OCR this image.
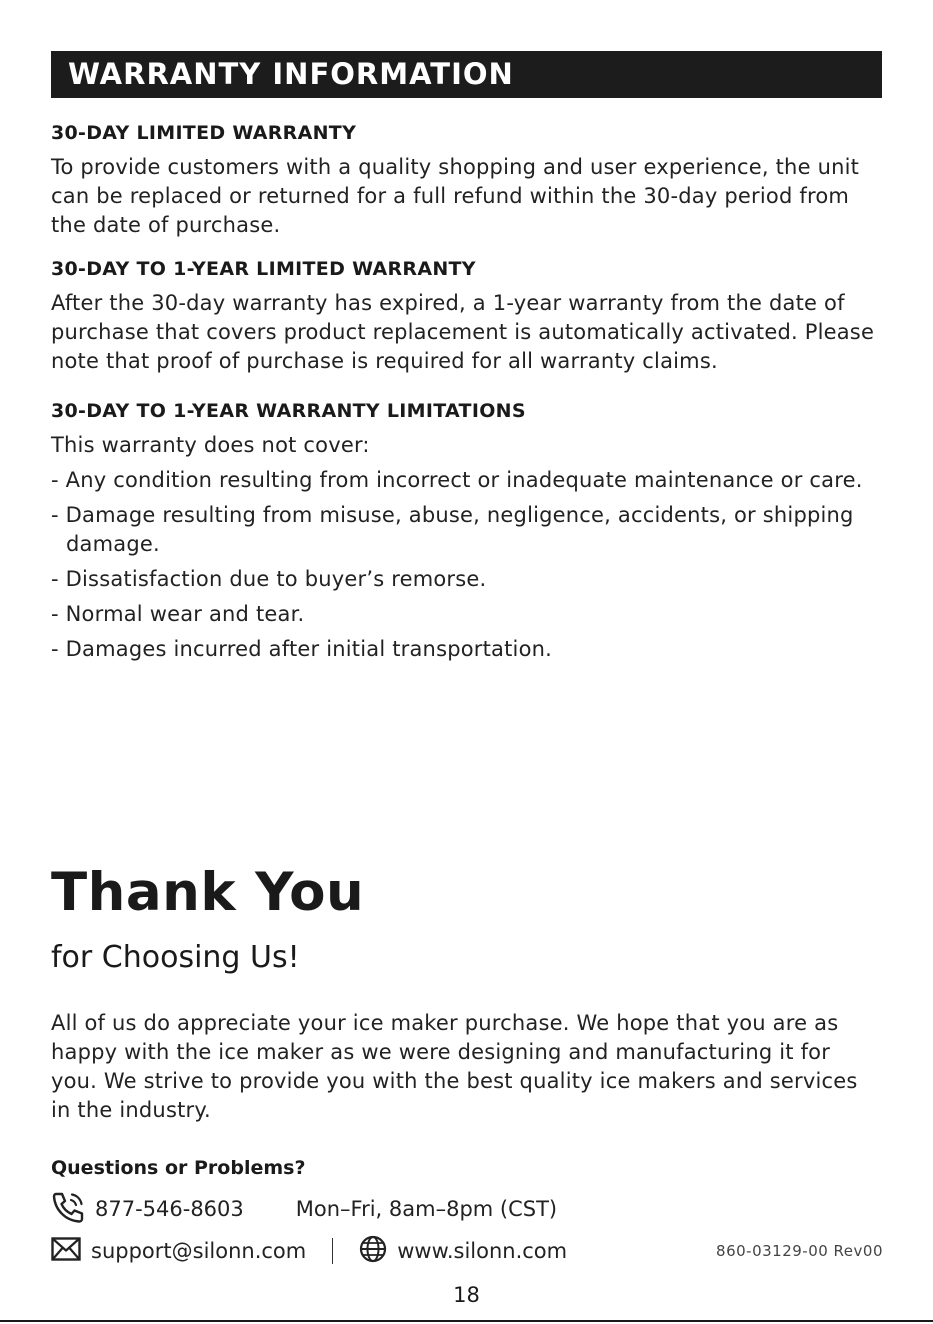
WARRANTY INFORMATION
30-DAY LIMITED WARRANTY

To provide customers with a quality shopping and user experience, the unit can be replaced or returned for a full refund within the 30-day period from the date of purchase.

30-DAY TO 1-YEAR LIMITED WARRANTY

After the 30-day warranty has expired, a 1-year warranty from the date of purchase that covers product replacement is automatically activated. Please note that proof of purchase is required for all warranty claims.

30-DAY TO 1-YEAR WARRANTY LIMITATIONS

This warranty does not cover:

- Any condition resulting from incorrect or inadequate maintenance or care.
- Damage resulting from misuse, abuse, negligence, accidents, or shipping damage.
- Dissatisfaction due to buyer’s remorse.
- Normal wear and tear.
- Damages incurred after initial transportation.
Thank You
for Choosing Us!

All of us do appreciate your ice maker purchase. We hope that you are as happy with the ice maker as we were designing and manufacturing it for you. We strive to provide you with the best quality ice makers and services in the industry.

Questions or Problems?
877-546-8603 Mon–Fri, 8am–8pm (CST)
support@silonn.com	www.silonn.com	860-03129-00 Rev00
18
